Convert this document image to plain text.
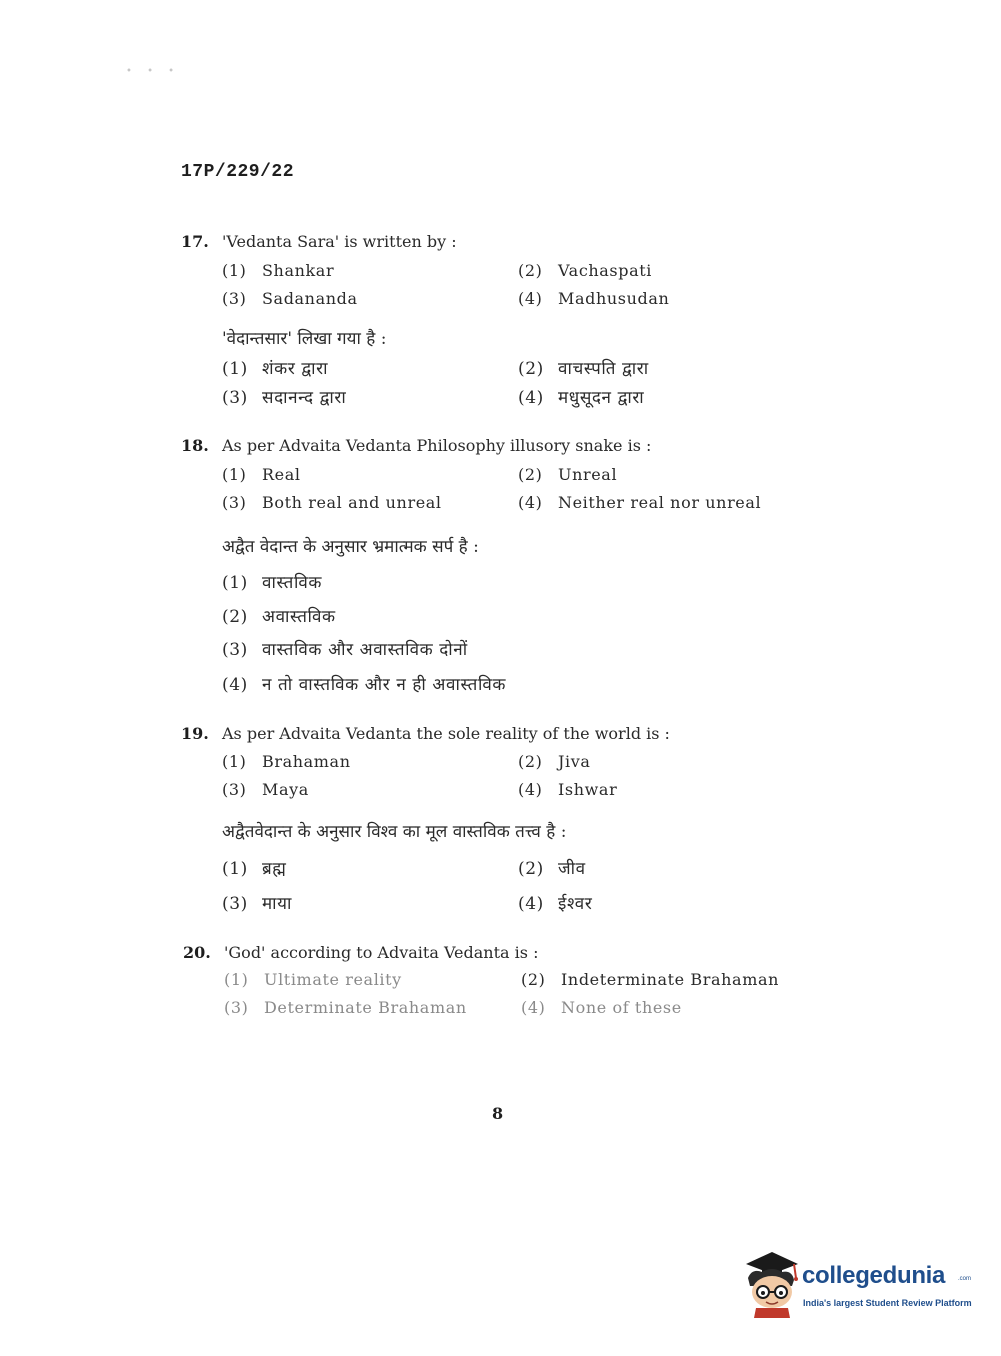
• • •
17P/229/22
17. 'Vedanta Sara' is written by :
(1) Shankar	(2) Vachaspati
(3) Sadananda	(4) Madhusudan
'वेदान्तसार' लिखा गया है :
(1) शंकर द्वारा	(2) वाचस्पति द्वारा
(3) सदानन्द द्वारा	(4) मधुसूदन द्वारा
18. As per Advaita Vedanta Philosophy illusory snake is :
(1) Real	(2) Unreal
(3) Both real and unreal	(4) Neither real nor unreal
अद्वैत वेदान्त के अनुसार भ्रमात्मक सर्प है :
(1) वास्तविक
(2) अवास्तविक
(3) वास्तविक और अवास्तविक दोनों
(4) न तो वास्तविक और न ही अवास्तविक
19. As per Advaita Vedanta the sole reality of the world is :
(1) Brahaman	(2) Jiva
(3) Maya	(4) Ishwar
अद्वैतवेदान्त के अनुसार विश्व का मूल वास्तविक तत्त्व है :
(1) ब्रह्म	(2) जीव
(3) माया	(4) ईश्वर
20. 'God' according to Advaita Vedanta is :
(1) Ultimate reality	(2) Indeterminate Brahaman
(3) Determinate Brahaman	(4) None of these
8
collegedunia .com
India's largest Student Review Platform
